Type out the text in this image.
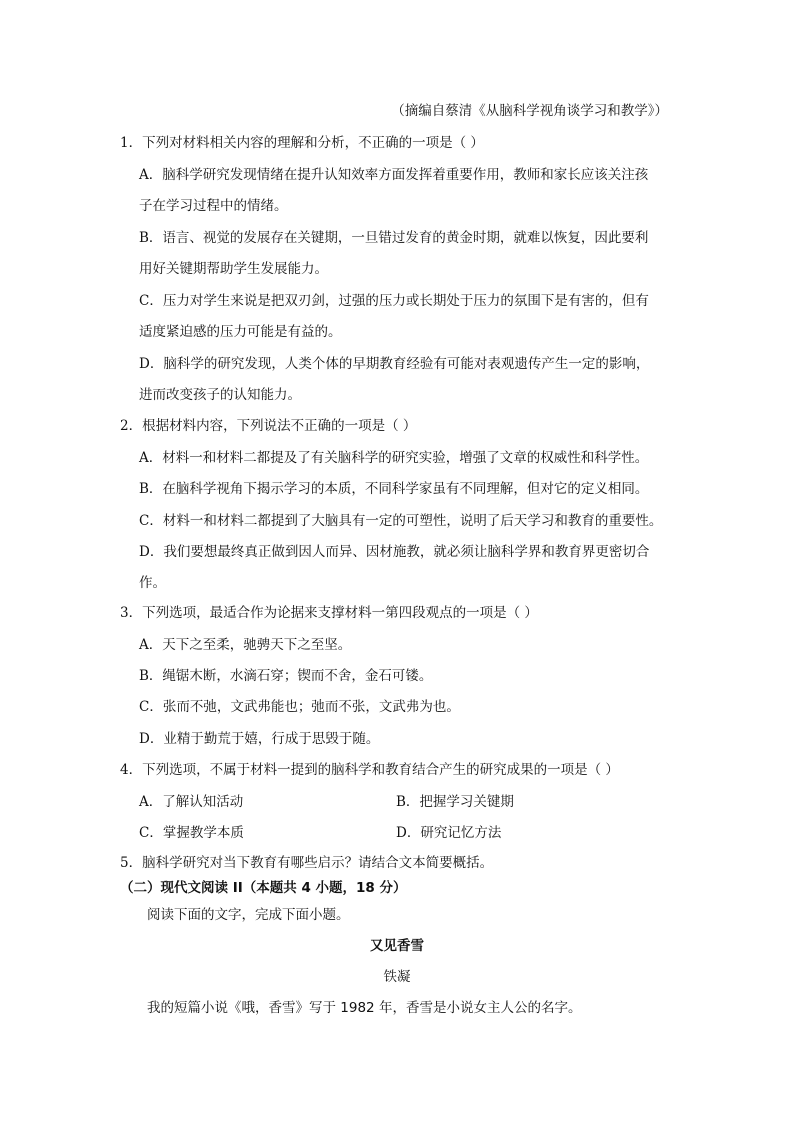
（摘编自蔡清《从脑科学视角谈学习和教学》）
1．下列对材料相关内容的理解和分析，不正确的一项是（ ）
A．脑科学研究发现情绪在提升认知效率方面发挥着重要作用，教师和家长应该关注孩
子在学习过程中的情绪。
B．语言、视觉的发展存在关键期，一旦错过发育的黄金时期，就难以恢复，因此要利
用好关键期帮助学生发展能力。
C．压力对学生来说是把双刃剑，过强的压力或长期处于压力的氛围下是有害的，但有
适度紧迫感的压力可能是有益的。
D．脑科学的研究发现，人类个体的早期教育经验有可能对表观遗传产生一定的影响，
进而改变孩子的认知能力。
2．根据材料内容，下列说法不正确的一项是（ ）
A．材料一和材料二都提及了有关脑科学的研究实验，增强了文章的权威性和科学性。
B．在脑科学视角下揭示学习的本质，不同科学家虽有不同理解，但对它的定义相同。
C．材料一和材料二都提到了大脑具有一定的可塑性，说明了后天学习和教育的重要性。
D．我们要想最终真正做到因人而异、因材施教，就必须让脑科学界和教育界更密切合
作。
3．下列选项，最适合作为论据来支撑材料一第四段观点的一项是（ ）
A．天下之至柔，驰骋天下之至坚。
B．绳锯木断，水滴石穿；锲而不舍，金石可镂。
C．张而不弛，文武弗能也；弛而不张，文武弗为也。
D．业精于勤荒于嬉，行成于思毁于随。
4．下列选项，不属于材料一提到的脑科学和教育结合产生的研究成果的一项是（ ）
A．了解认知活动	B．把握学习关键期
C．掌握教学本质	D．研究记忆方法
5．脑科学研究对当下教育有哪些启示？请结合文本简要概括。
（二）现代文阅读 II（本题共 4 小题，18 分）
阅读下面的文字，完成下面小题。
又见香雪
铁凝
我的短篇小说《哦，香雪》写于 1982 年，香雪是小说女主人公的名字。
